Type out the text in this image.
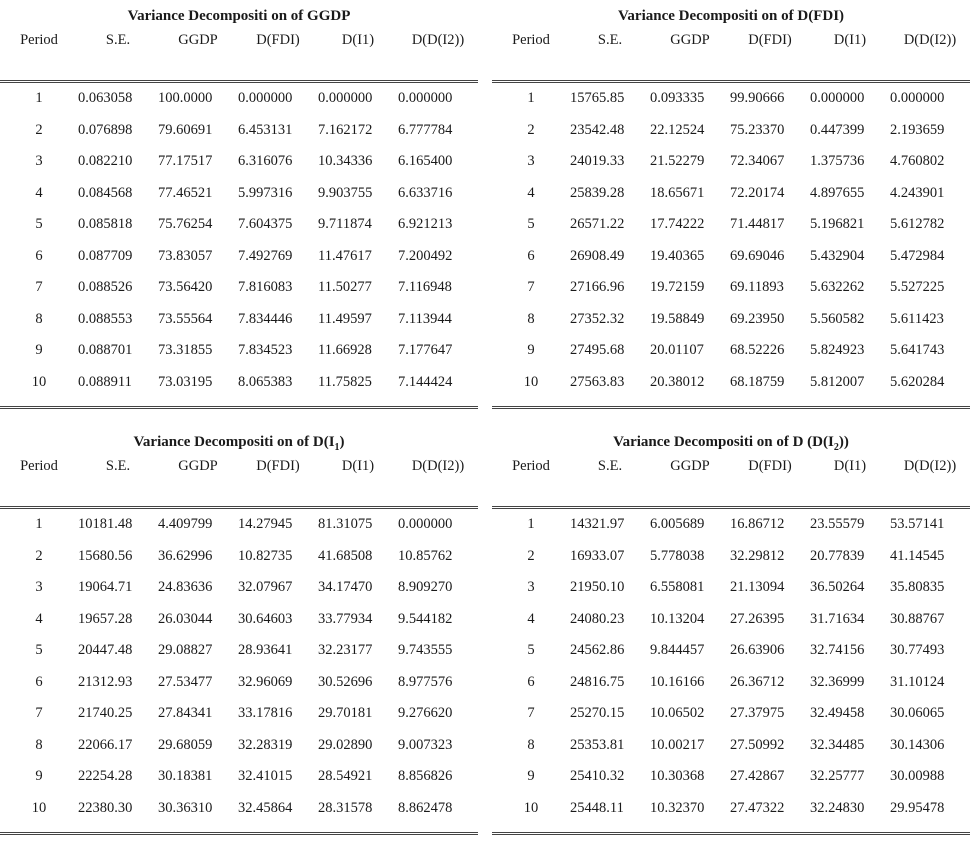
Variance Decompositi on of GGDP
Period	S.E.	GGDP	D(FDI)	D(I1)	D(D(I2))

1	0.063058	100.0000	0.000000	0.000000	0.000000
2	0.076898	79.60691	6.453131	7.162172	6.777784
3	0.082210	77.17517	6.316076	10.34336	6.165400
4	0.084568	77.46521	5.997316	9.903755	6.633716
5	0.085818	75.76254	7.604375	9.711874	6.921213
6	0.087709	73.83057	7.492769	11.47617	7.200492
7	0.088526	73.56420	7.816083	11.50277	7.116948
8	0.088553	73.55564	7.834446	11.49597	7.113944
9	0.088701	73.31855	7.834523	11.66928	7.177647
10	0.088911	73.03195	8.065383	11.75825	7.144424

Variance Decompositi on of D(FDI)
Period	S.E.	GGDP	D(FDI)	D(I1)	D(D(I2))

1	15765.85	0.093335	99.90666	0.000000	0.000000
2	23542.48	22.12524	75.23370	0.447399	2.193659
3	24019.33	21.52279	72.34067	1.375736	4.760802
4	25839.28	18.65671	72.20174	4.897655	4.243901
5	26571.22	17.74222	71.44817	5.196821	5.612782
6	26908.49	19.40365	69.69046	5.432904	5.472984
7	27166.96	19.72159	69.11893	5.632262	5.527225
8	27352.32	19.58849	69.23950	5.560582	5.611423
9	27495.68	20.01107	68.52226	5.824923	5.641743
10	27563.83	20.38012	68.18759	5.812007	5.620284

Variance Decompositi on of $D(I_1)$
Period	S.E.	GGDP	D(FDI)	D(I1)	D(D(I2))

1	10181.48	4.409799	14.27945	81.31075	0.000000
2	15680.56	36.62996	10.82735	41.68508	10.85762
3	19064.71	24.83636	32.07967	34.17470	8.909270
4	19657.28	26.03044	30.64603	33.77934	9.544182
5	20447.48	29.08827	28.93641	32.23177	9.743555
6	21312.93	27.53477	32.96069	30.52696	8.977576
7	21740.25	27.84341	33.17816	29.70181	9.276620
8	22066.17	29.68059	32.28319	29.02890	9.007323
9	22254.28	30.18381	32.41015	28.54921	8.856826
10	22380.30	30.36310	32.45864	28.31578	8.862478

Variance Decompositi on of D $(D(I_2))$
Period	S.E.	GGDP	D(FDI)	D(I1)	D(D(I2))

1	14321.97	6.005689	16.86712	23.55579	53.57141
2	16933.07	5.778038	32.29812	20.77839	41.14545
3	21950.10	6.558081	21.13094	36.50264	35.80835
4	24080.23	10.13204	27.26395	31.71634	30.88767
5	24562.86	9.844457	26.63906	32.74156	30.77493
6	24816.75	10.16166	26.36712	32.36999	31.10124
7	25270.15	10.06502	27.37975	32.49458	30.06065
8	25353.81	10.00217	27.50992	32.34485	30.14306
9	25410.32	10.30368	27.42867	32.25777	30.00988
10	25448.11	10.32370	27.47322	32.24830	29.95478
